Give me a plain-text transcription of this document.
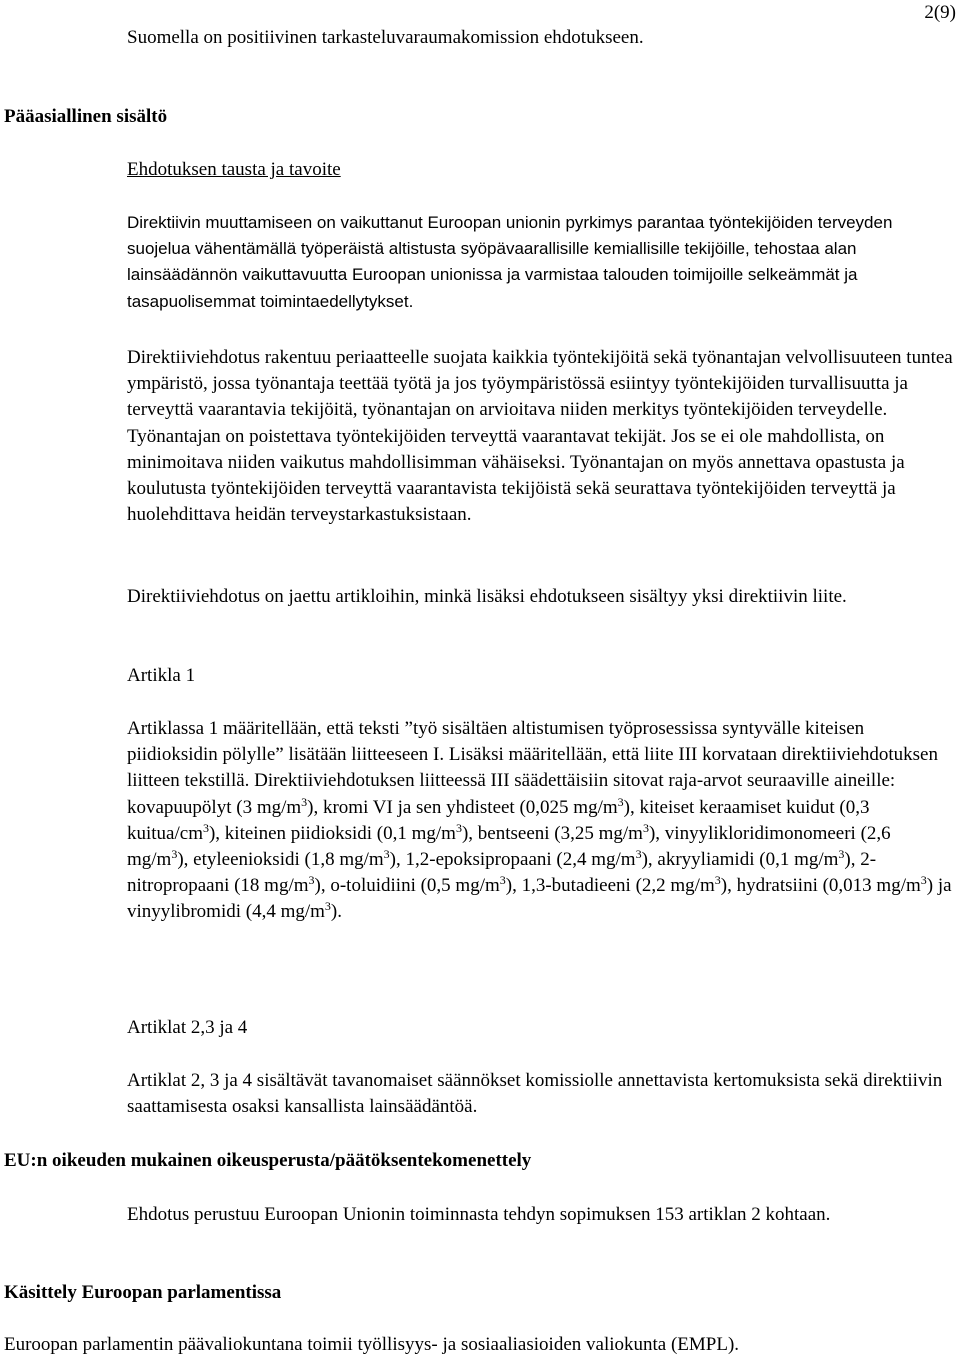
2(9)
Suomella on positiivinen tarkasteluvaraumakomission ehdotukseen.
Pääasiallinen sisältö
Ehdotuksen tausta ja tavoite

Direktiivin muuttamiseen on vaikuttanut Euroopan unionin pyrkimys parantaa työntekijöiden terveyden suojelua vähentämällä työperäistä altistusta syöpävaarallisille kemiallisille tekijöille, tehostaa alan lainsäädännön vaikuttavuutta Euroopan unionissa ja varmistaa talouden toimijoille selkeämmät ja tasapuolisemmat toimintaedellytykset.

Direktiiviehdotus rakentuu periaatteelle suojata kaikkia työntekijöitä sekä työnantajan velvollisuuteen tuntea ympäristö, jossa työnantaja teettää työtä ja jos työympäristössä esiintyy työntekijöiden turvallisuutta ja terveyttä vaarantavia tekijöitä, työnantajan on arvioitava niiden merkitys työntekijöiden terveydelle. Työnantajan on poistettava työntekijöiden terveyttä vaarantavat tekijät. Jos se ei ole mahdollista, on minimoitava niiden vaikutus mahdollisimman vähäiseksi. Työnantajan on myös annettava opastusta ja koulutusta työntekijöiden terveyttä vaarantavista tekijöistä sekä seurattava työntekijöiden terveyttä ja huolehdittava heidän terveystarkastuksistaan.

Direktiiviehdotus on jaettu artikloihin, minkä lisäksi ehdotukseen sisältyy yksi direktiivin liite.

Artikla 1

Artiklassa 1 määritellään, että teksti ”työ sisältäen altistumisen työprosessissa syntyvälle kiteisen piidioksidin pölylle” lisätään liitteeseen I. Lisäksi määritellään, että liite III korvataan direktiiviehdotuksen liitteen tekstillä. Direktiiviehdotuksen liitteessä III säädettäisiin sitovat raja-arvot seuraaville aineille: kovapuupölyt (3 $mg/m^3$), kromi VI ja sen yhdisteet (0,025 $mg/m^3$), kiteiset keraamiset kuidut (0,3 kuitua/$cm^3$), kiteinen piidioksidi (0,1 $mg/m^3$), bentseeni (3,25 $mg/m^3$), vinyylikloridimonomeeri (2,6 $mg/m^3$), etyleenioksidi (1,8 $mg/m^3$), 1,2-epoksipropaani (2,4 $mg/m^3$), akryyliamidi (0,1 $mg/m^3$), 2-nitropropaani (18 $mg/m^3$), o-toluidiini (0,5 $mg/m^3$), 1,3-butadieeni (2,2 $mg/m^3$), hydratsiini (0,013 $mg/m^3$) ja vinyylibromidi (4,4 $mg/m^3$).

Artiklat 2,3 ja 4

Artiklat 2, 3 ja 4 sisältävät tavanomaiset säännökset komissiolle annettavista kertomuksista sekä direktiivin saattamisesta osaksi kansallista lainsäädäntöä.

EU:n oikeuden mukainen oikeusperusta/päätöksentekomenettely

Ehdotus perustuu Euroopan Unionin toiminnasta tehdyn sopimuksen 153 artiklan 2 kohtaan.

Käsittely Euroopan parlamentissa
Euroopan parlamentin päävaliokuntana toimii työllisyys- ja sosiaaliasioiden valiokunta (EMPL).
